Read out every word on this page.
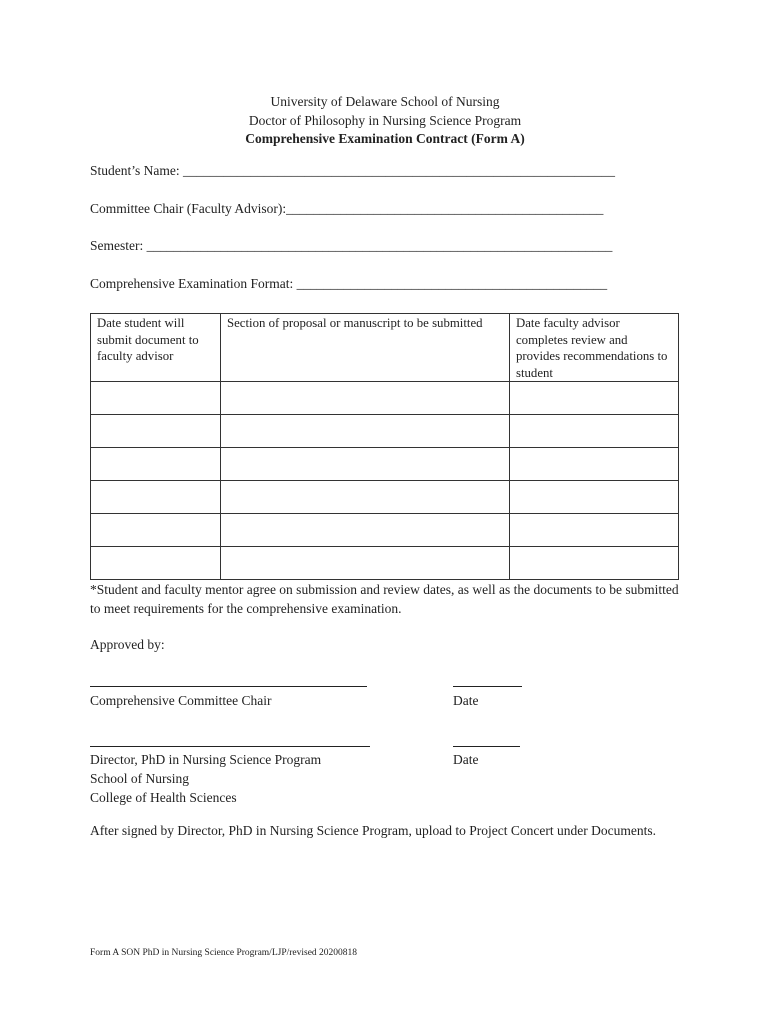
University of Delaware School of Nursing
Doctor of Philosophy in Nursing Science Program
Comprehensive Examination Contract (Form A)
Student’s Name: ________________________________________________________________
Committee Chair (Faculty Advisor):_______________________________________________
Semester: _____________________________________________________________________
Comprehensive Examination Format: ______________________________________________
Date student will submit document to faculty advisor	Section of proposal or manuscript to be submitted	Date faculty advisor completes review and provides recommendations to student

*Student and faculty mentor agree on submission and review dates, as well as the documents to be submitted to meet requirements for the comprehensive examination.
Approved by:
Comprehensive Committee Chair	Date
Director, PhD in Nursing Science Program	Date
School of Nursing
College of Health Sciences
After signed by Director, PhD in Nursing Science Program, upload to Project Concert under Documents.
Form A SON PhD in Nursing Science Program/LJP/revised 20200818
